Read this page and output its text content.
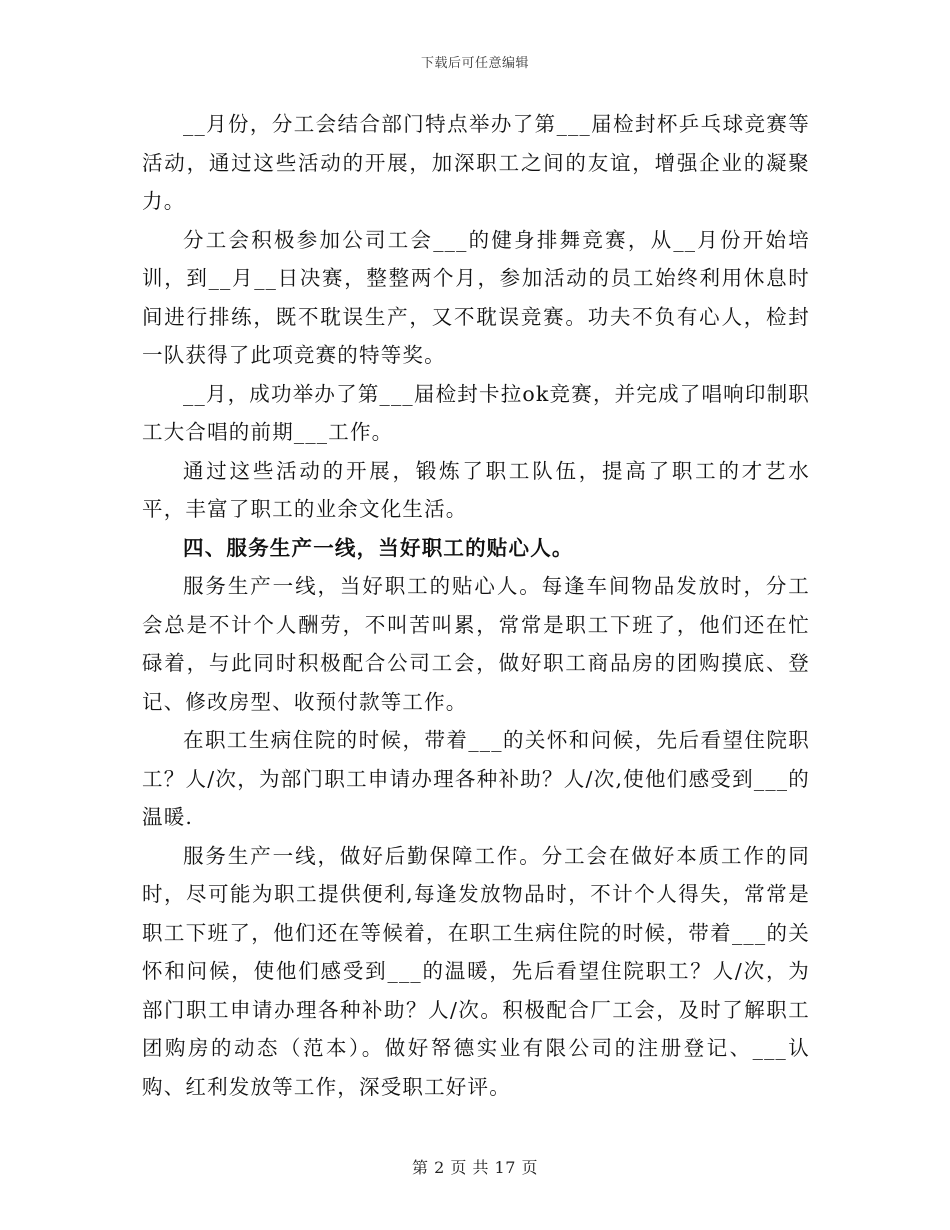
下载后可任意编辑

__月份，分工会结合部门特点举办了第___届检封杯乒乓球竞赛等活动，通过这些活动的开展，加深职工之间的友谊，增强企业的凝聚力。

分工会积极参加公司工会___的健身排舞竞赛，从__月份开始培训，到__月__日决赛，整整两个月，参加活动的员工始终利用休息时间进行排练，既不耽误生产，又不耽误竞赛。功夫不负有心人，检封一队获得了此项竞赛的特等奖。

__月，成功举办了第___届检封卡拉ok竞赛，并完成了唱响印制职工大合唱的前期___工作。

通过这些活动的开展，锻炼了职工队伍，提高了职工的才艺水平，丰富了职工的业余文化生活。

四、服务生产一线，当好职工的贴心人。

服务生产一线，当好职工的贴心人。每逢车间物品发放时，分工会总是不计个人酬劳，不叫苦叫累，常常是职工下班了，他们还在忙碌着，与此同时积极配合公司工会，做好职工商品房的团购摸底、登记、修改房型、收预付款等工作。

在职工生病住院的时候，带着___的关怀和问候，先后看望住院职工？人/次，为部门职工申请办理各种补助？人/次,使他们感受到___的温暖.

服务生产一线，做好后勤保障工作。分工会在做好本质工作的同时，尽可能为职工提供便利,每逢发放物品时，不计个人得失，常常是职工下班了，他们还在等候着，在职工生病住院的时候，带着___的关怀和问候，使他们感受到___的温暖，先后看望住院职工？人/次，为部门职工申请办理各种补助？人/次。积极配合厂工会，及时了解职工团购房的动态（范本）。做好帑德实业有限公司的注册登记、___认购、红利发放等工作，深受职工好评。

第 2 页 共 17 页
